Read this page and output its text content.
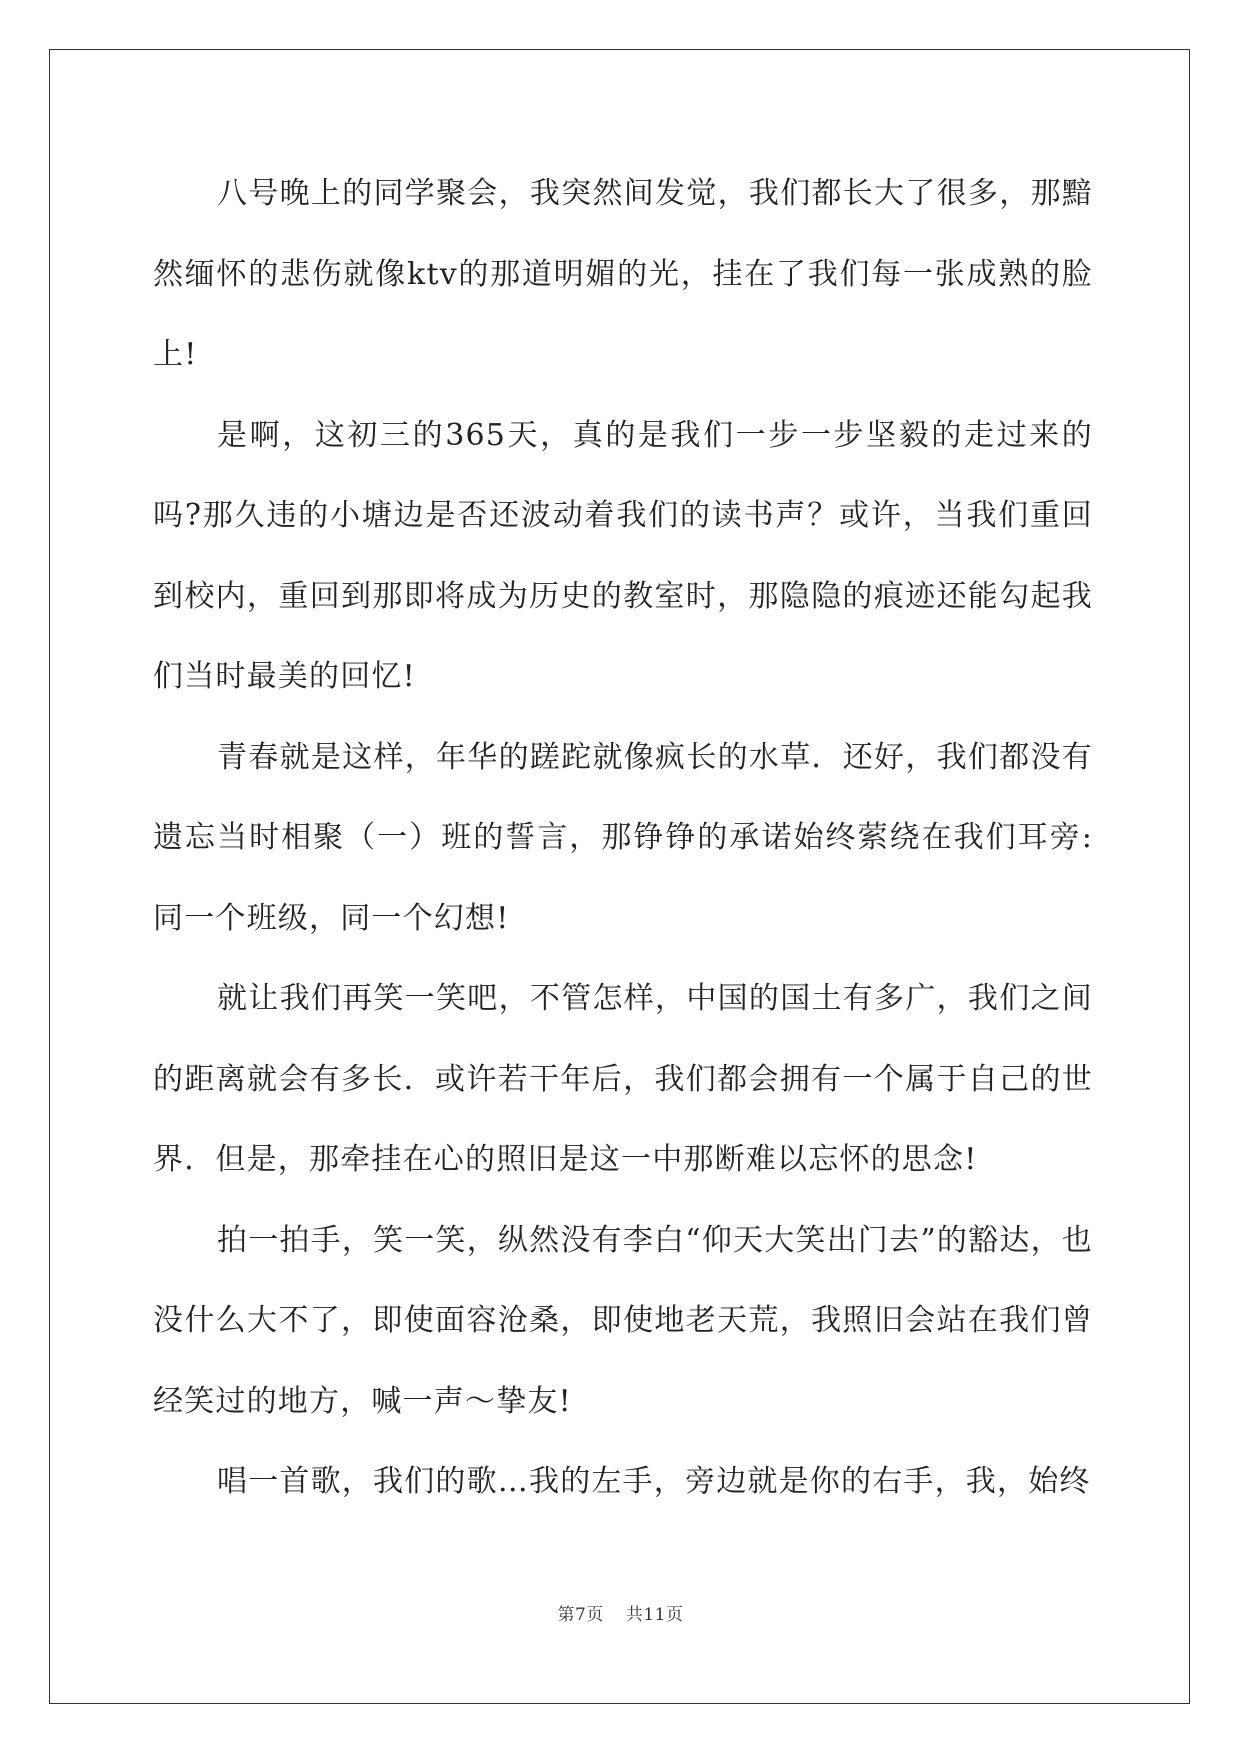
八号晚上的同学聚会，我突然间发觉，我们都长大了很多，那黯然缅怀的悲伤就像ktv的那道明媚的光，挂在了我们每一张成熟的脸上!

是啊，这初三的365天，真的是我们一步一步坚毅的走过来的吗?那久违的小塘边是否还波动着我们的读书声？或许，当我们重回到校内，重回到那即将成为历史的教室时，那隐隐的痕迹还能勾起我们当时最美的回忆!

青春就是这样，年华的蹉跎就像疯长的水草．还好，我们都没有遗忘当时相聚（一）班的誓言，那铮铮的承诺始终萦绕在我们耳旁:同一个班级，同一个幻想!

就让我们再笑一笑吧，不管怎样，中国的国土有多广，我们之间的距离就会有多长．或许若干年后，我们都会拥有一个属于自己的世界．但是，那牵挂在心的照旧是这一中那断难以忘怀的思念!

拍一拍手，笑一笑，纵然没有李白“仰天大笑出门去”的豁达，也没什么大不了，即使面容沧桑，即使地老天荒，我照旧会站在我们曾经笑过的地方，喊一声～挚友!

唱一首歌，我们的歌…我的左手，旁边就是你的右手，我，始终

第7页 共11页
